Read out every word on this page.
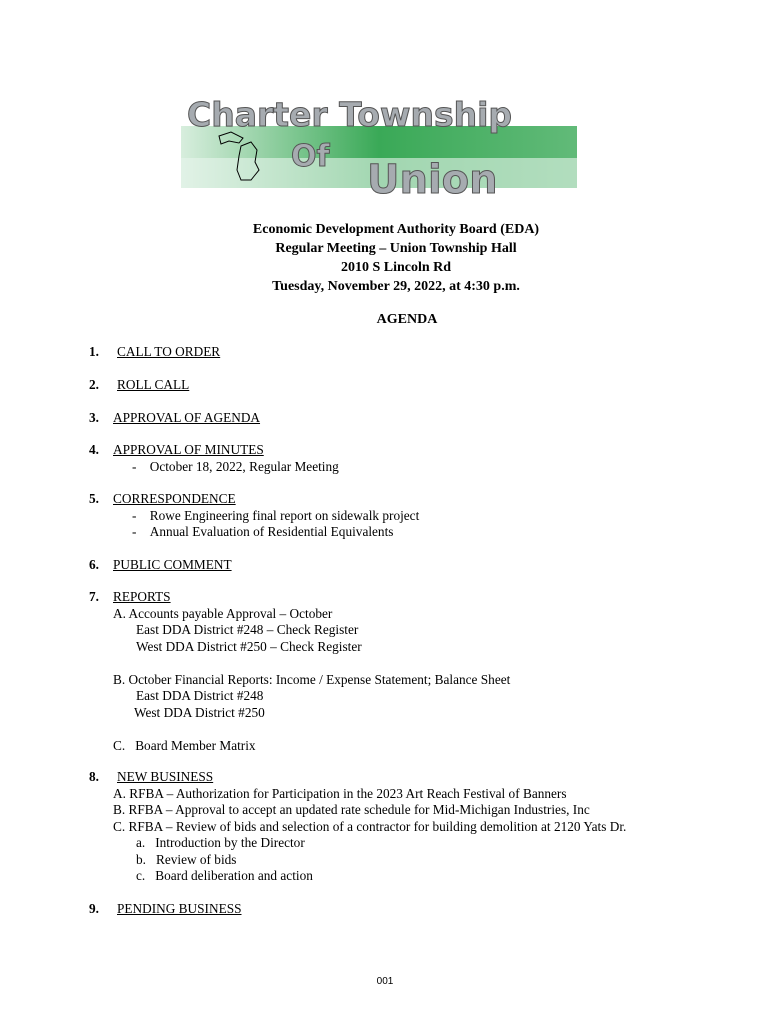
Charter Township
Of
Union
Economic Development Authority Board (EDA)
Regular Meeting – Union Township Hall
2010 S Lincoln Rd
Tuesday, November 29, 2022, at 4:30 p.m.
AGENDA
1. CALL TO ORDER
2. ROLL CALL
3. APPROVAL OF AGENDA
4. APPROVAL OF MINUTES
-    October 18, 2022, Regular Meeting
5. CORRESPONDENCE
-    Rowe Engineering final report on sidewalk project
-    Annual Evaluation of Residential Equivalents
6. PUBLIC COMMENT
7. REPORTS
A. Accounts payable Approval – October
East DDA District #248 – Check Register
West DDA District #250 – Check Register
B. October Financial Reports: Income / Expense Statement; Balance Sheet
East DDA District #248
West DDA District #250
C. Board Member Matrix
8. NEW BUSINESS
A. RFBA – Authorization for Participation in the 2023 Art Reach Festival of Banners
B. RFBA – Approval to accept an updated rate schedule for Mid-Michigan Industries, Inc
C. RFBA – Review of bids and selection of a contractor for building demolition at 2120 Yats Dr.
a. Introduction by the Director
b. Review of bids
c. Board deliberation and action
9. PENDING BUSINESS
001
